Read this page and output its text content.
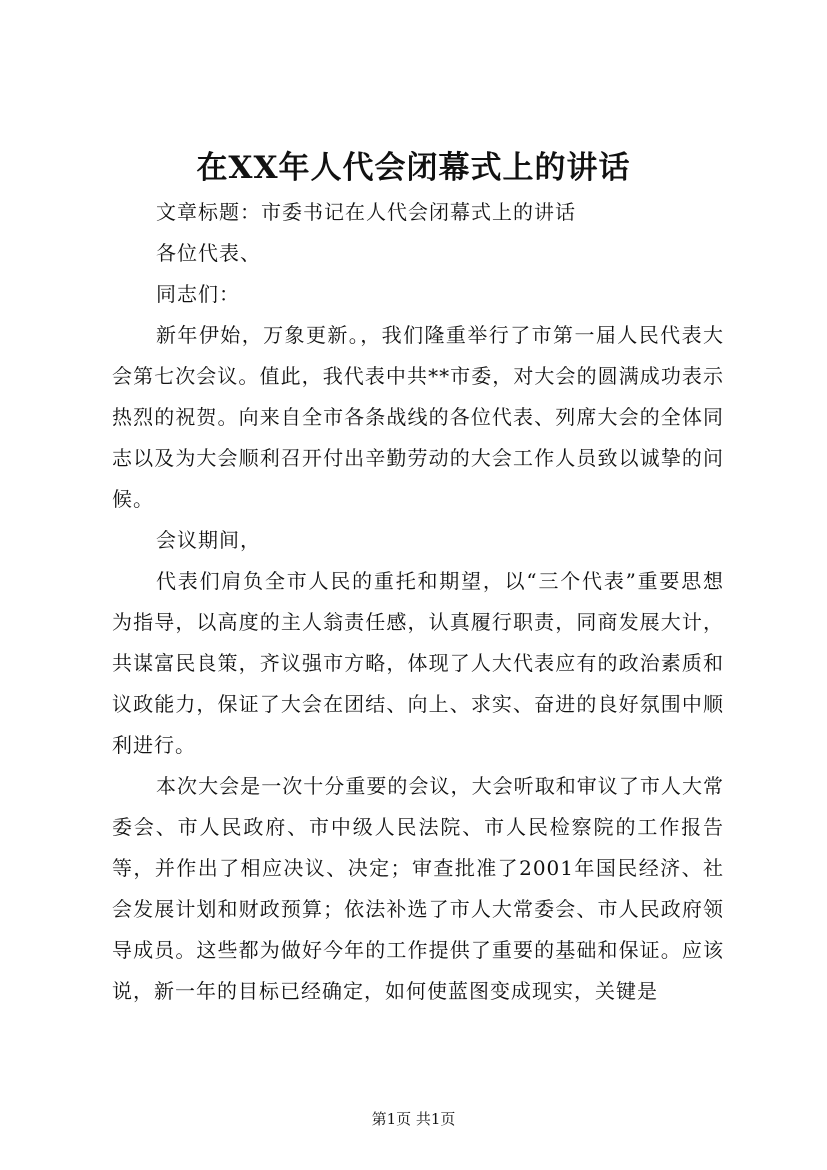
在XX年人代会闭幕式上的讲话

文章标题：市委书记在人代会闭幕式上的讲话

各位代表、

同志们：

新年伊始，万象更新。，我们隆重举行了市第一届人民代表大会第七次会议。值此，我代表中共**市委，对大会的圆满成功表示热烈的祝贺。向来自全市各条战线的各位代表、列席大会的全体同志以及为大会顺利召开付出辛勤劳动的大会工作人员致以诚挚的问候。

会议期间，

代表们肩负全市人民的重托和期望，以“三个代表”重要思想为指导，以高度的主人翁责任感，认真履行职责，同商发展大计，共谋富民良策，齐议强市方略，体现了人大代表应有的政治素质和议政能力，保证了大会在团结、向上、求实、奋进的良好氛围中顺利进行。

本次大会是一次十分重要的会议，大会听取和审议了市人大常委会、市人民政府、市中级人民法院、市人民检察院的工作报告等，并作出了相应决议、决定；审查批准了2001年国民经济、社会发展计划和财政预算；依法补选了市人大常委会、市人民政府领导成员。这些都为做好今年的工作提供了重要的基础和保证。应该说，新一年的目标已经确定，如何使蓝图变成现实，关键是

第1页 共1页
